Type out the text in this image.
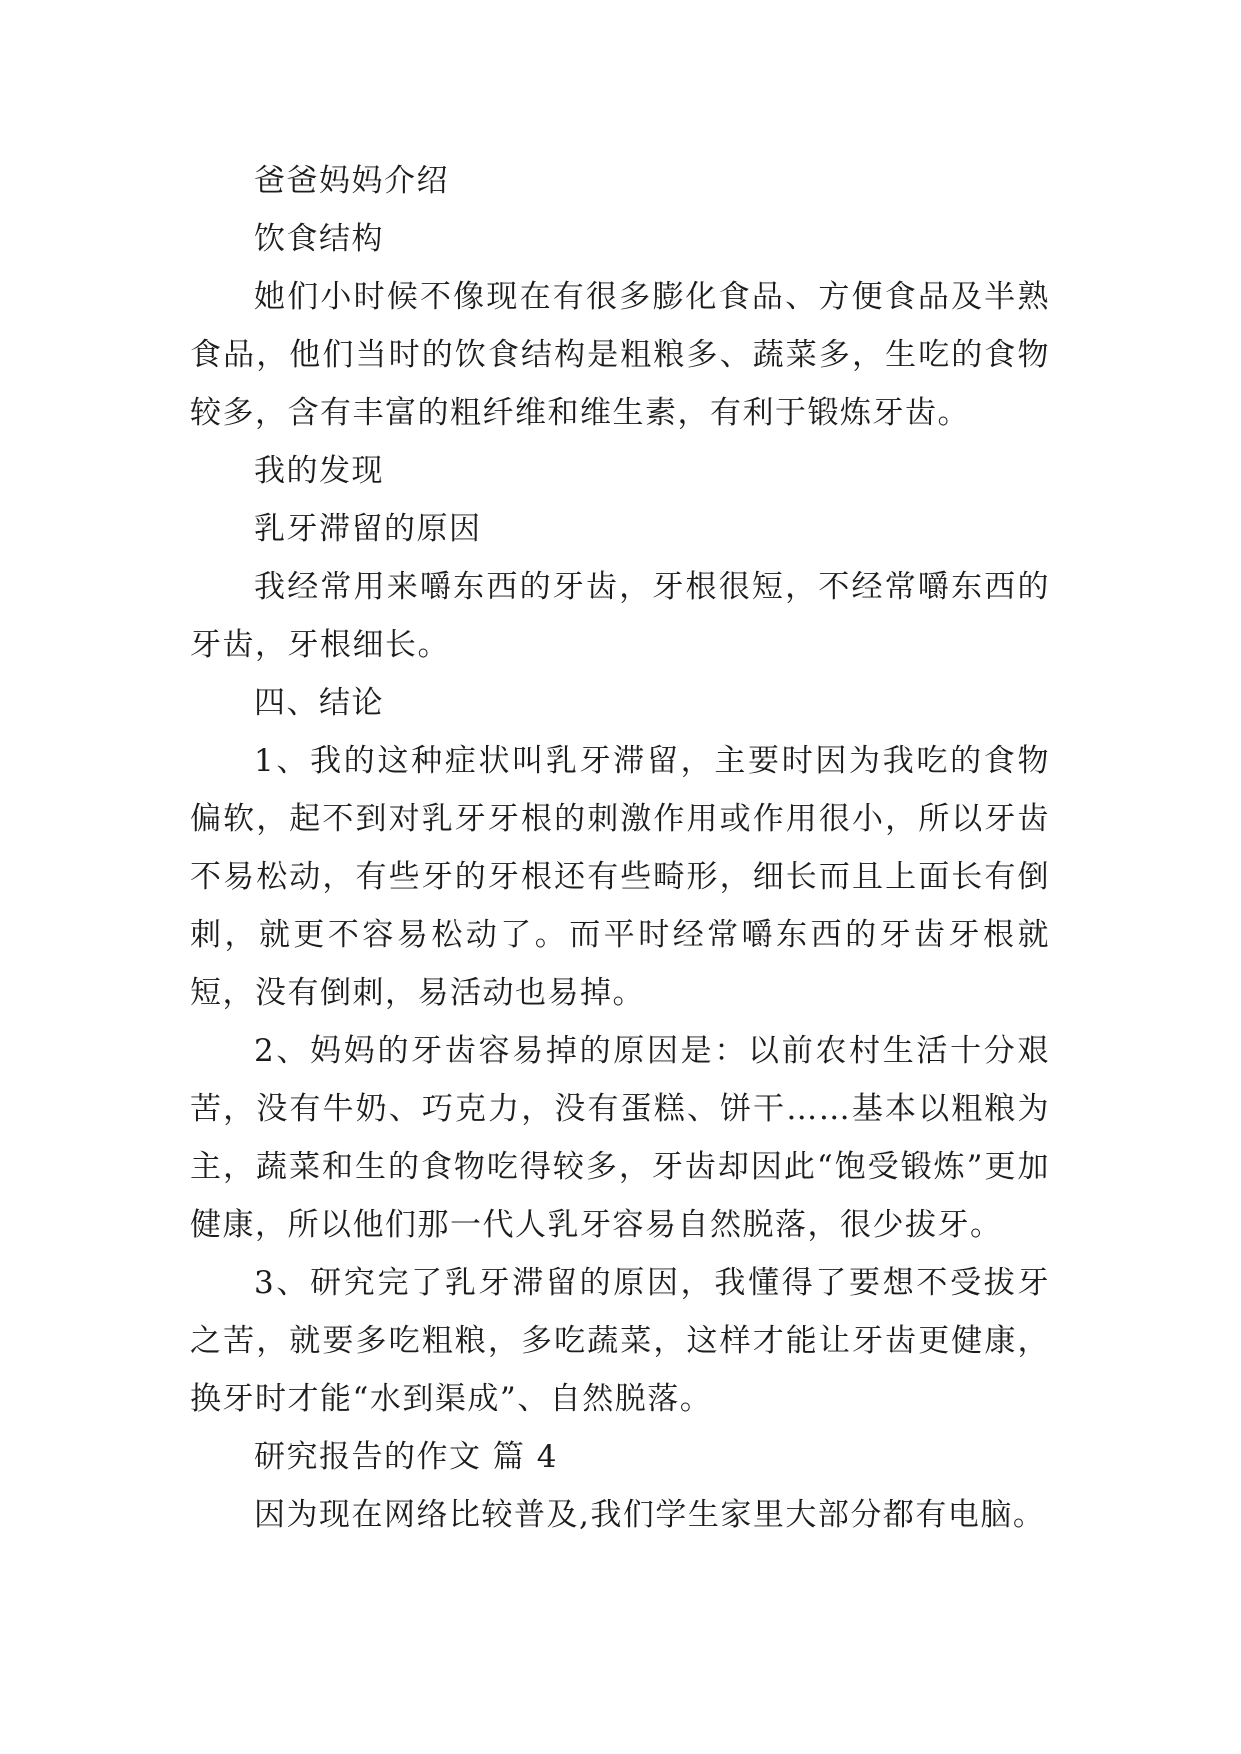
爸爸妈妈介绍

饮食结构

她们小时候不像现在有很多膨化食品、方便食品及半熟食品，他们当时的饮食结构是粗粮多、蔬菜多，生吃的食物较多，含有丰富的粗纤维和维生素，有利于锻炼牙齿。

我的发现

乳牙滞留的原因

我经常用来嚼东西的牙齿，牙根很短，不经常嚼东西的牙齿，牙根细长。

四、结论

1、我的这种症状叫乳牙滞留，主要时因为我吃的食物偏软，起不到对乳牙牙根的刺激作用或作用很小，所以牙齿不易松动，有些牙的牙根还有些畸形，细长而且上面长有倒刺，就更不容易松动了。而平时经常嚼东西的牙齿牙根就短，没有倒刺，易活动也易掉。

2、妈妈的牙齿容易掉的原因是：以前农村生活十分艰苦，没有牛奶、巧克力，没有蛋糕、饼干……基本以粗粮为主，蔬菜和生的食物吃得较多，牙齿却因此“饱受锻炼”更加健康，所以他们那一代人乳牙容易自然脱落，很少拔牙。

3、研究完了乳牙滞留的原因，我懂得了要想不受拔牙之苦，就要多吃粗粮，多吃蔬菜，这样才能让牙齿更健康，换牙时才能“水到渠成”、自然脱落。

研究报告的作文 篇 4

因为现在网络比较普及,我们学生家里大部分都有电脑。
